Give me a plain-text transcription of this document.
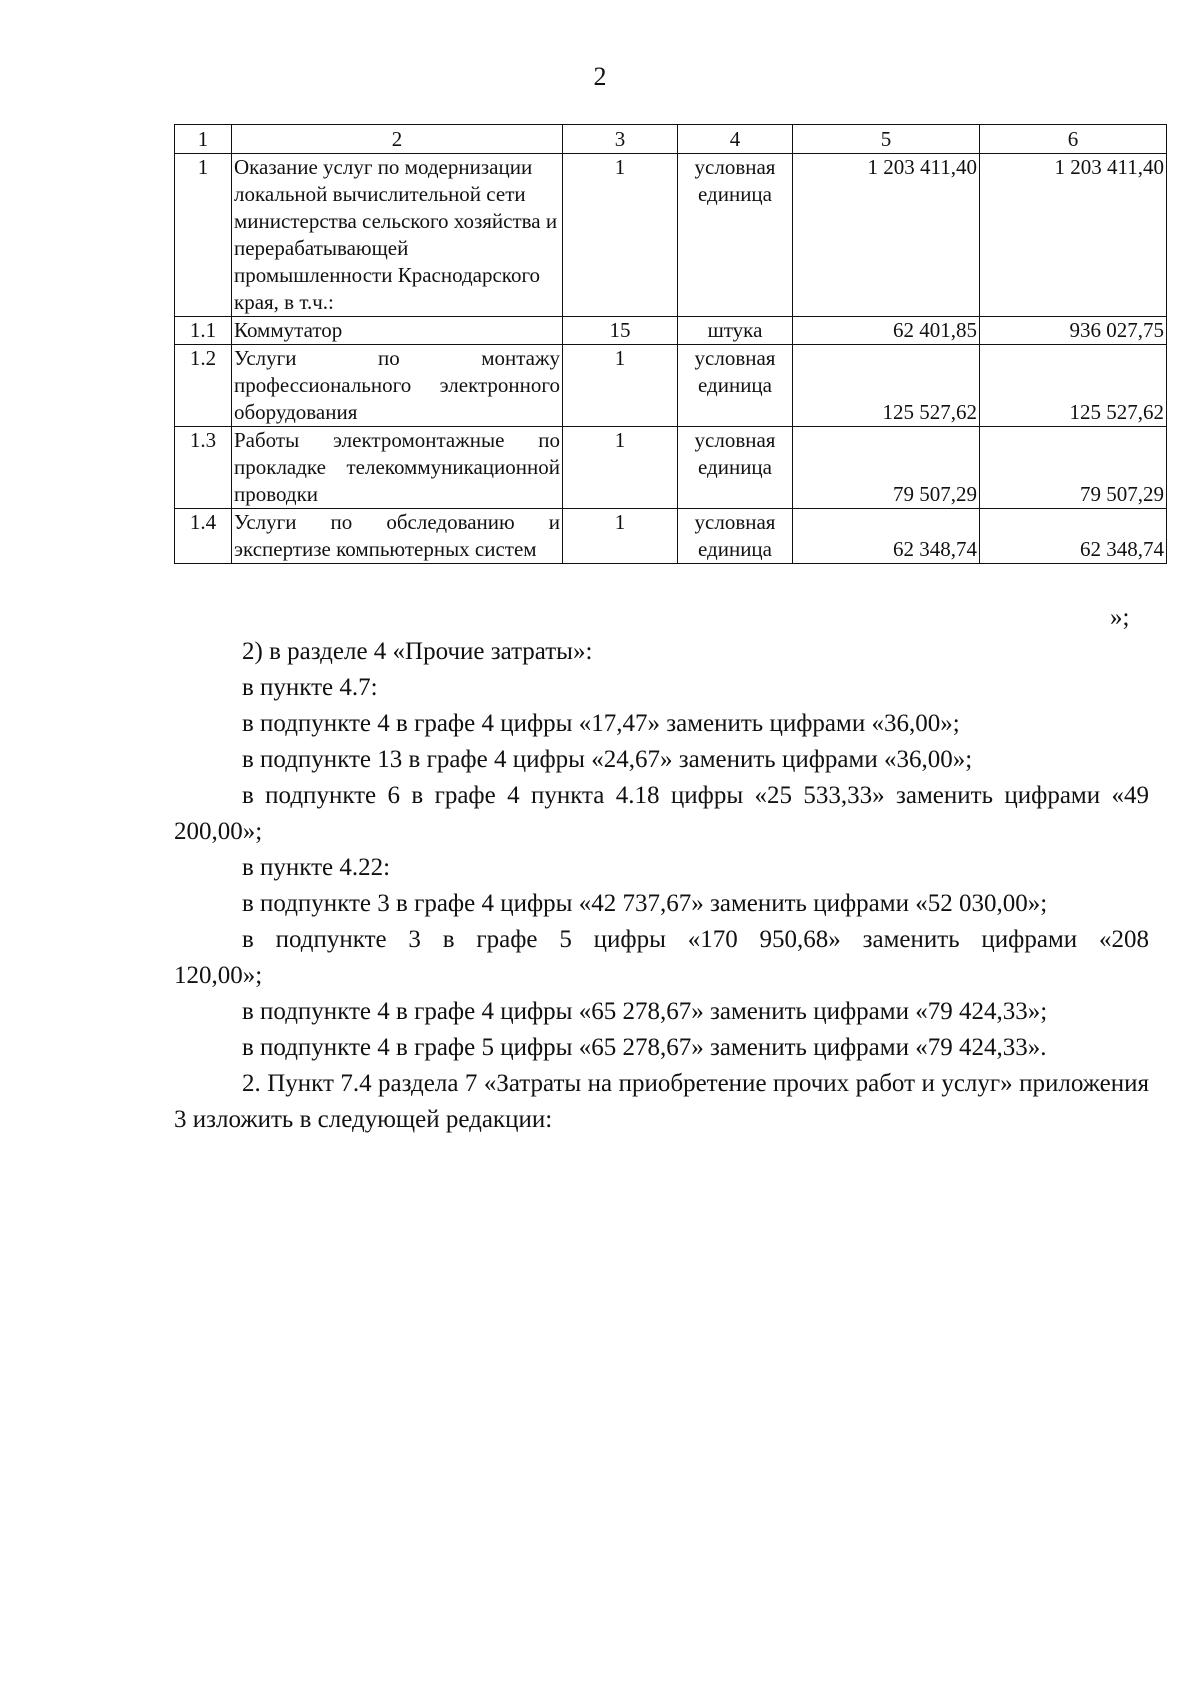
2
1	2	3	4	5	6
1	Оказание услуг по модернизации локальной вычислительной сети министерства сельского хозяйства и перерабатывающей промышленности Краснодарского края, в т.ч.:	1	условная единица	1 203 411,40	1 203 411,40
1.1	Коммутатор	15	штука	62 401,85	936 027,75
1.2	Услуги по монтажу профессионального электронного оборудования	1	условная единица	125 527,62	125 527,62
1.3	Работы электромонтажные по прокладке телекоммуникационной проводки	1	условная единица	79 507,29	79 507,29
1.4	Услуги по обследованию и экспертизе компьютерных систем	1	условная единица	62 348,74	62 348,74
»;

2) в разделе 4 «Прочие затраты»:

в пункте 4.7:

в подпункте 4 в графе 4 цифры «17,47» заменить цифрами «36,00»;

в подпункте 13 в графе 4 цифры «24,67» заменить цифрами «36,00»;

в подпункте 6 в графе 4 пункта 4.18 цифры «25 533,33» заменить цифрами «49 200,00»;

в пункте 4.22:

в подпункте 3 в графе 4 цифры «42 737,67» заменить цифрами «52 030,00»;

в подпункте 3 в графе 5 цифры «170 950,68» заменить цифрами «208 120,00»;

в подпункте 4 в графе 4 цифры «65 278,67» заменить цифрами «79 424,33»;

в подпункте 4 в графе 5 цифры «65 278,67» заменить цифрами «79 424,33».

2. Пункт 7.4 раздела 7 «Затраты на приобретение прочих работ и услуг» приложения 3 изложить в следующей редакции:
